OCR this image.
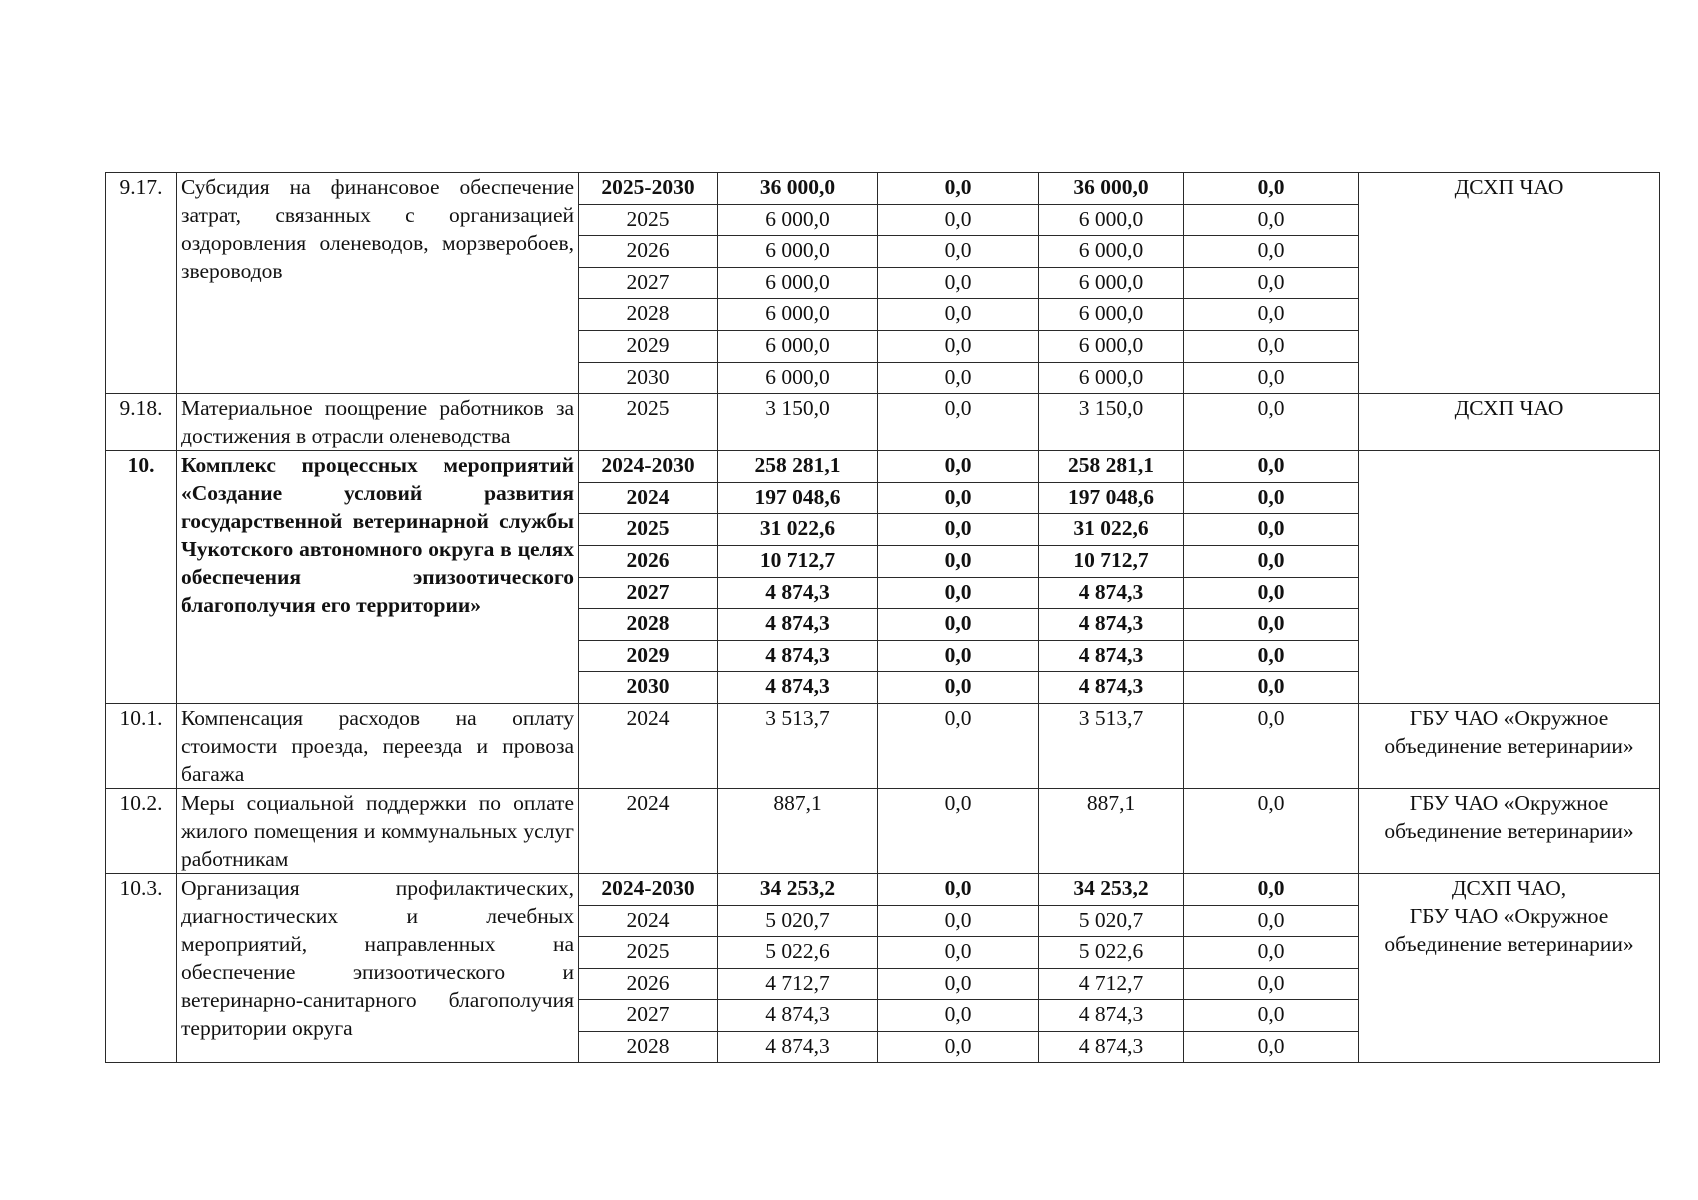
9.17.	Субсидия на финансовое обеспечение затрат, связанных с организацией оздоровления оленеводов, морзверобоев, звероводов	2025-2030	36 000,0	0,0	36 000,0	0,0	ДСХП ЧАО
		2025	6 000,0	0,0	6 000,0	0,0	
		2026	6 000,0	0,0	6 000,0	0,0	
		2027	6 000,0	0,0	6 000,0	0,0	
		2028	6 000,0	0,0	6 000,0	0,0	
		2029	6 000,0	0,0	6 000,0	0,0	
		2030	6 000,0	0,0	6 000,0	0,0	
9.18.	Материальное поощрение работников за достижения в отрасли оленеводства	2025	3 150,0	0,0	3 150,0	0,0	ДСХП ЧАО
10.	Комплекс процессных мероприятий «Создание условий развития государственной ветеринарной службы Чукотского автономного округа в целях обеспечения эпизоотического благополучия его территории»	2024-2030	258 281,1	0,0	258 281,1	0,0	
		2024	197 048,6	0,0	197 048,6	0,0	
		2025	31 022,6	0,0	31 022,6	0,0	
		2026	10 712,7	0,0	10 712,7	0,0	
		2027	4 874,3	0,0	4 874,3	0,0	
		2028	4 874,3	0,0	4 874,3	0,0	
		2029	4 874,3	0,0	4 874,3	0,0	
		2030	4 874,3	0,0	4 874,3	0,0	
10.1.	Компенсация расходов на оплату стоимости проезда, переезда и провоза багажа	2024	3 513,7	0,0	3 513,7	0,0	ГБУ ЧАО «Окружное объединение ветеринарии»
10.2.	Меры социальной поддержки по оплате жилого помещения и коммунальных услуг работникам	2024	887,1	0,0	887,1	0,0	ГБУ ЧАО «Окружное объединение ветеринарии»
10.3.	Организация профилактических, диагностических и лечебных мероприятий, направленных на обеспечение эпизоотического и ветеринарно-санитарного благополучия территории округа	2024-2030	34 253,2	0,0	34 253,2	0,0	ДСХП ЧАО,
ГБУ ЧАО «Окружное объединение ветеринарии»
		2024	5 020,7	0,0	5 020,7	0,0	
		2025	5 022,6	0,0	5 022,6	0,0	
		2026	4 712,7	0,0	4 712,7	0,0	
		2027	4 874,3	0,0	4 874,3	0,0	
		2028	4 874,3	0,0	4 874,3	0,0	
